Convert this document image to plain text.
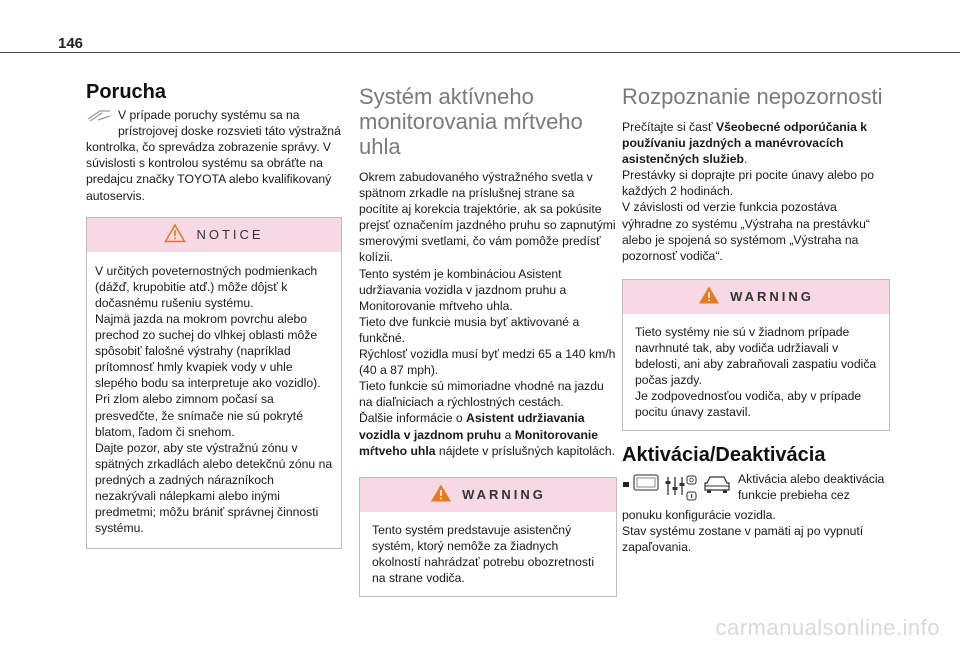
146
Porucha

V prípade poruchy systému sa na prístrojovej doske rozsvieti táto výstražná

kontrolka, čo sprevádza zobrazenie správy. V súvislosti s kontrolou systému sa obráťte na predajcu značky TOYOTA alebo kvalifikovaný autoservis.

NOTICE

V určitých poveternostných podmienkach (dážď, krupobitie atď.) môže dôjsť k dočasnému rušeniu systému.

Najmä jazda na mokrom povrchu alebo prechod zo suchej do vlhkej oblasti môže spôsobiť falošné výstrahy (napríklad prítomnosť hmly kvapiek vody v uhle slepého bodu sa interpretuje ako vozidlo).

Pri zlom alebo zimnom počasí sa presvedčte, že snímače nie sú pokryté blatom, ľadom či snehom.

Dajte pozor, aby ste výstražnú zónu v spätných zrkadlách alebo detekčnú zónu na predných a zadných nárazníkoch nezakrývali nálepkami alebo inými predmetmi; môžu brániť správnej činnosti systému.

Systém aktívneho monitorovania mŕtveho uhla

Okrem zabudovaného výstražného svetla v spätnom zrkadle na príslušnej strane sa pocítite aj korekcia trajektórie, ak sa pokúsite prejsť označením jazdného pruhu so zapnutými smerovými svetlami, čo vám pomôže predísť kolízii.

Tento systém je kombináciou Asistent udržiavania vozidla v jazdnom pruhu a Monitorovanie mŕtveho uhla.

Tieto dve funkcie musia byť aktivované a funkčné.

Rýchlosť vozidla musí byť medzi 65 a 140 km/h (40 a 87 mph).

Tieto funkcie sú mimoriadne vhodné na jazdu na diaľniciach a rýchlostných cestách.

Ďalšie informácie o Asistent udržiavania vozidla v jazdnom pruhu a Monitorovanie mŕtveho uhla nájdete v príslušných kapitolách.

WARNING

Tento systém predstavuje asistenčný systém, ktorý nemôže za žiadnych okolností nahrádzať potrebu obozretnosti na strane vodiča.

Rozpoznanie nepozornosti

Prečítajte si časť Všeobecné odporúčania k používaniu jazdných a manévrovacích asistenčných služieb.

Prestávky si doprajte pri pocite únavy alebo po každých 2 hodinách.

V závislosti od verzie funkcia pozostáva výhradne zo systému „Výstraha na prestávku“ alebo je spojená so systémom „Výstraha na pozornosť vodiča“.

WARNING

Tieto systémy nie sú v žiadnom prípade navrhnuté tak, aby vodiča udržiavali v bdelosti, ani aby zabraňovali zaspatiu vodiča počas jazdy.

Je zodpovednosťou vodiča, aby v prípade pocitu únavy zastavil.

Aktivácia/Deaktivácia

Aktivácia alebo deaktivácia funkcie prebieha cez

ponuku konfigurácie vozidla.

Stav systému zostane v pamäti aj po vypnutí zapaľovania.

carmanualsonline.info
